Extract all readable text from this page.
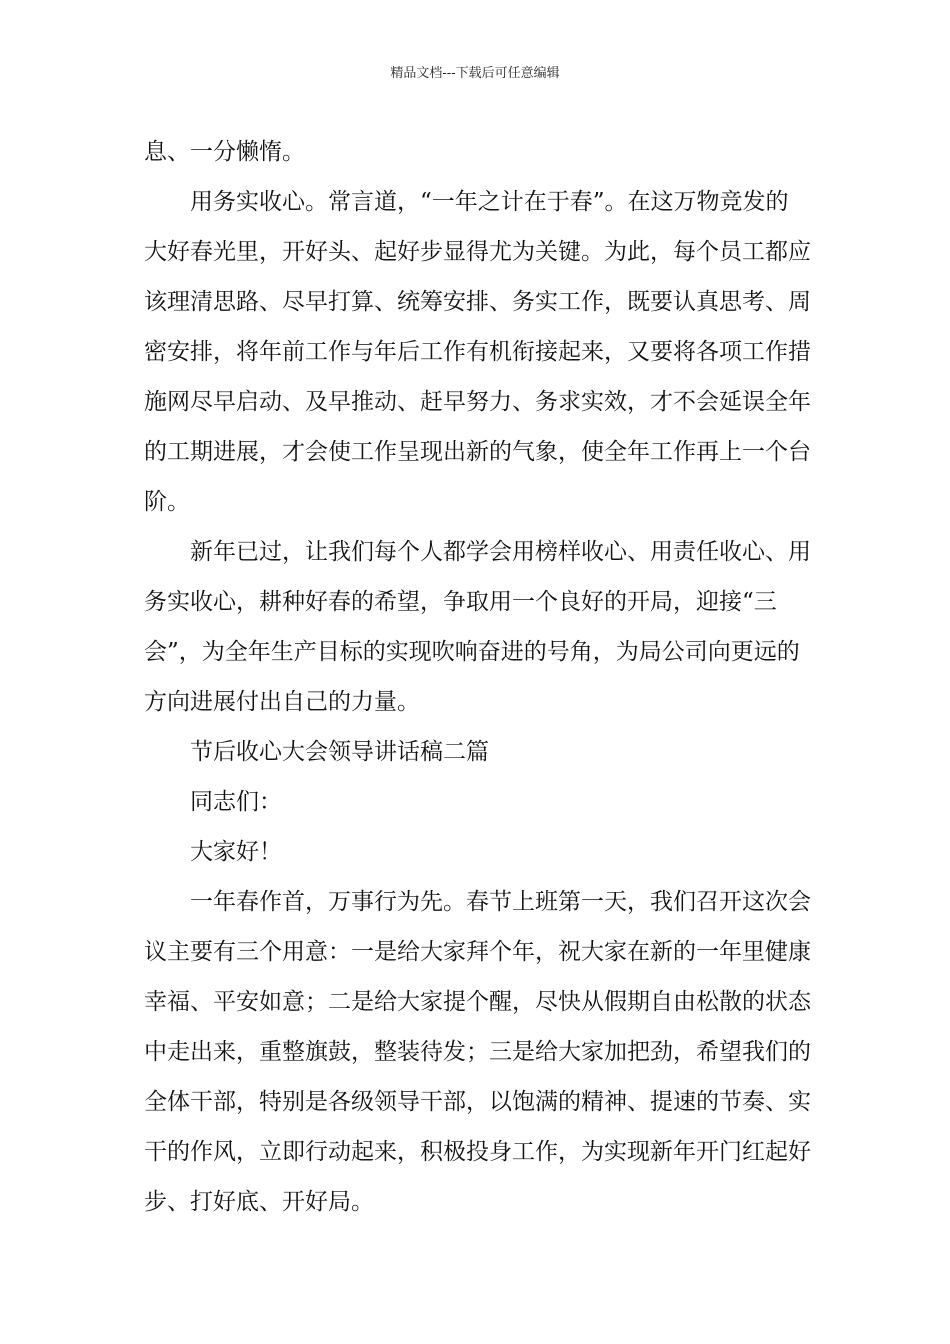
精品文档---下载后可任意编辑
息、一分懒惰。
用务实收心。常言道，“一年之计在于春”。在这万物竞发的
大好春光里，开好头、起好步显得尤为关键。为此，每个员工都应
该理清思路、尽早打算、统筹安排、务实工作，既要认真思考、周
密安排，将年前工作与年后工作有机衔接起来，又要将各项工作措
施网尽早启动、及早推动、赶早努力、务求实效，才不会延误全年
的工期进展，才会使工作呈现出新的气象，使全年工作再上一个台
阶。
新年已过，让我们每个人都学会用榜样收心、用责任收心、用
务实收心，耕种好春的希望，争取用一个良好的开局，迎接“三
会”，为全年生产目标的实现吹响奋进的号角，为局公司向更远的
方向进展付出自己的力量。
节后收心大会领导讲话稿二篇
同志们：
大家好！
一年春作首，万事行为先。春节上班第一天，我们召开这次会
议主要有三个用意：一是给大家拜个年，祝大家在新的一年里健康
幸福、平安如意；二是给大家提个醒，尽快从假期自由松散的状态
中走出来，重整旗鼓，整装待发；三是给大家加把劲，希望我们的
全体干部，特别是各级领导干部，以饱满的精神、提速的节奏、实
干的作风，立即行动起来，积极投身工作，为实现新年开门红起好
步、打好底、开好局。
